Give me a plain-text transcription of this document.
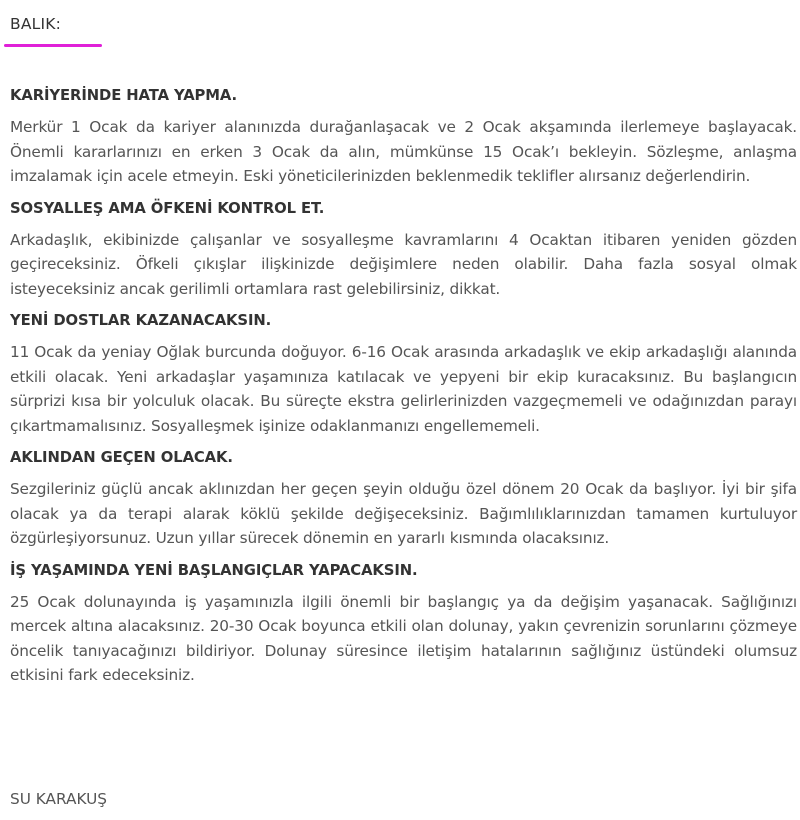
BALIK:
KARİYERİNDE HATA YAPMA.

Merkür 1 Ocak da kariyer alanınızda durağanlaşacak ve 2 Ocak akşamında ilerlemeye başlayacak. Önemli kararlarınızı en erken 3 Ocak da alın, mümkünse 15 Ocak’ı bekleyin. Sözleşme, anlaşma imzalamak için acele etmeyin. Eski yöneticilerinizden beklenmedik teklifler alırsanız değerlendirin.

SOSYALLEŞ AMA ÖFKENİ KONTROL ET.

Arkadaşlık, ekibinizde çalışanlar ve sosyalleşme kavramlarını 4 Ocaktan itibaren yeniden gözden geçireceksiniz. Öfkeli çıkışlar ilişkinizde değişimlere neden olabilir. Daha fazla sosyal olmak isteyeceksiniz ancak gerilimli ortamlara rast gelebilirsiniz, dikkat.

YENİ DOSTLAR KAZANACAKSIN.

11 Ocak da yeniay Oğlak burcunda doğuyor. 6-16 Ocak arasında arkadaşlık ve ekip arkadaşlığı alanında etkili olacak. Yeni arkadaşlar yaşamınıza katılacak ve yepyeni bir ekip kuracaksınız. Bu başlangıcın sürprizi kısa bir yolculuk olacak. Bu süreçte ekstra gelirlerinizden vazgeçmemeli ve odağınızdan parayı çıkartmamalısınız. Sosyalleşmek işinize odaklanmanızı engellememeli.

AKLINDAN GEÇEN OLACAK.

Sezgileriniz güçlü ancak aklınızdan her geçen şeyin olduğu özel dönem 20 Ocak da başlıyor. İyi bir şifa olacak ya da terapi alarak köklü şekilde değişeceksiniz. Bağımlılıklarınızdan tamamen kurtuluyor özgürleşiyorsunuz. Uzun yıllar sürecek dönemin en yararlı kısmında olacaksınız.

İŞ YAŞAMINDA YENİ BAŞLANGIÇLAR YAPACAKSIN.

25 Ocak dolunayında iş yaşamınızla ilgili önemli bir başlangıç ya da değişim yaşanacak. Sağlığınızı mercek altına alacaksınız. 20-30 Ocak boyunca etkili olan dolunay, yakın çevrenizin sorunlarını çözmeye öncelik tanıyacağınızı bildiriyor. Dolunay süresince iletişim hatalarının sağlığınız üstündeki olumsuz etkisini fark edeceksiniz.

SU KARAKUŞ
